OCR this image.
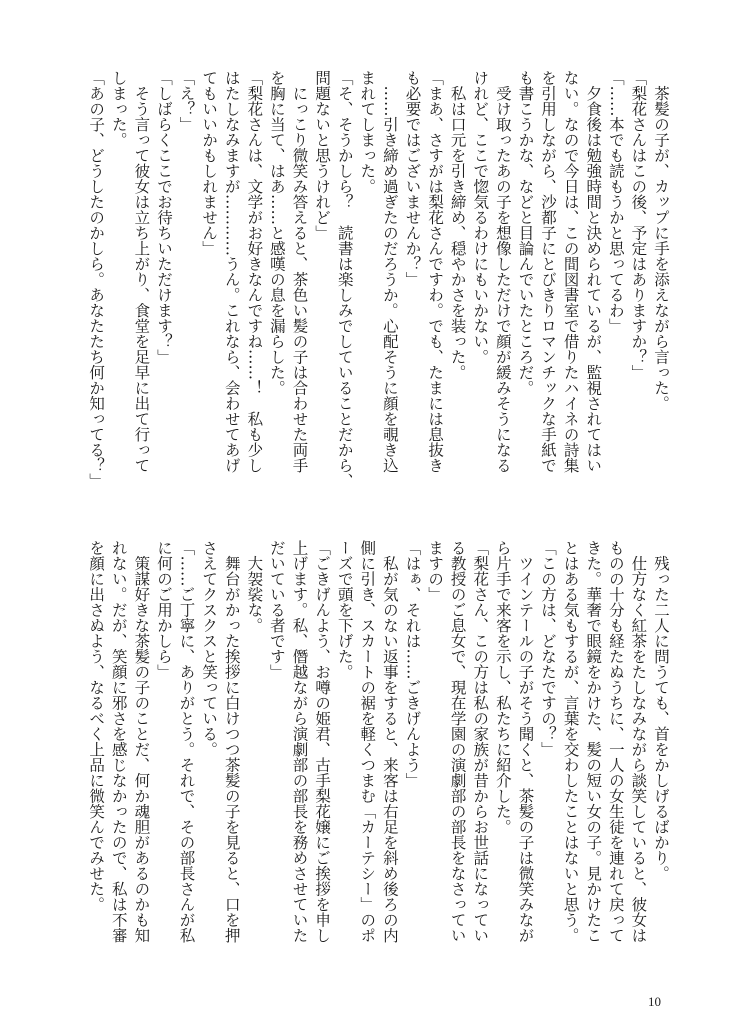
　茶髪の子が、カップに手を添えながら言った。
「梨花さんはこの後、予定はありますか？」
「……本でも読もうかと思ってるわ」
　夕食後は勉強時間と決められているが、監視されてはい
ない。なので今日は、この間図書室で借りたハイネの詩集
を引用しながら、沙都子にとびきりロマンチックな手紙で
も書こうかな、などと目論んでいたところだ。
　受け取ったあの子を想像しただけで顔が緩みそうになる
けれど、ここで惚気るわけにもいかない。
　私は口元を引き締め、穏やかさを装った。
「まあ、さすがは梨花さんですわ。でも、たまには息抜き
も必要ではございませんか？」
　……引き締め過ぎたのだろうか。心配そうに顔を覗き込
まれてしまった。
「そ、そうかしら？　読書は楽しみでしていることだから、
問題ないと思うけれど」
　にっこり微笑み答えると、茶色い髪の子は合わせた両手
を胸に当て、はあ……と感嘆の息を漏らした。
「梨花さんは、文学がお好きなんですね……！　私も少し
はたしなみますが…………うん。これなら、会わせてあげ
てもいいかもしれません」
「え？」
「しばらくここでお待ちいただけます？」
　そう言って彼女は立ち上がり、食堂を足早に出て行って
しまった。
「あの子、どうしたのかしら。あなたたち何か知ってる？」
　残った二人に問うても、首をかしげるばかり。
　仕方なく紅茶をたしなみながら談笑していると、彼女は
ものの十分も経たぬうちに、一人の女生徒を連れて戻って
きた。華奢で眼鏡をかけた、髪の短い女の子。見かけたこ
とはある気もするが、言葉を交わしたことはないと思う。
「この方は、どなたですの？」
　ツインテールの子がそう聞くと、茶髪の子は微笑みなが
ら片手で来客を示し、私たちに紹介した。
「梨花さん、この方は私の家族が昔からお世話になってい
る教授のご息女で、現在学園の演劇部の部長をなさってい
ますの」
「はぁ、それは……ごきげんよう」
　私が気のない返事をすると、来客は右足を斜め後ろの内
側に引き、スカートの裾を軽くつまむ「カーテシー」のポ
ーズで頭を下げた。
「ごきげんよう、お噂の姫君、古手梨花嬢にご挨拶を申し
上げます。私、僭越ながら演劇部の部長を務めさせていた
だいている者です」
　大袈裟な。
　舞台がかった挨拶に白けつつ茶髪の子を見ると、口を押
さえてクスクスと笑っている。
「……ご丁寧に、ありがとう。それで、その部長さんが私
に何のご用かしら」
　策謀好きな茶髪の子のことだ、何か魂胆があるのかも知
れない。だが、笑顔に邪さを感じなかったので、私は不審
を顔に出さぬよう、なるべく上品に微笑んでみせた。
10
